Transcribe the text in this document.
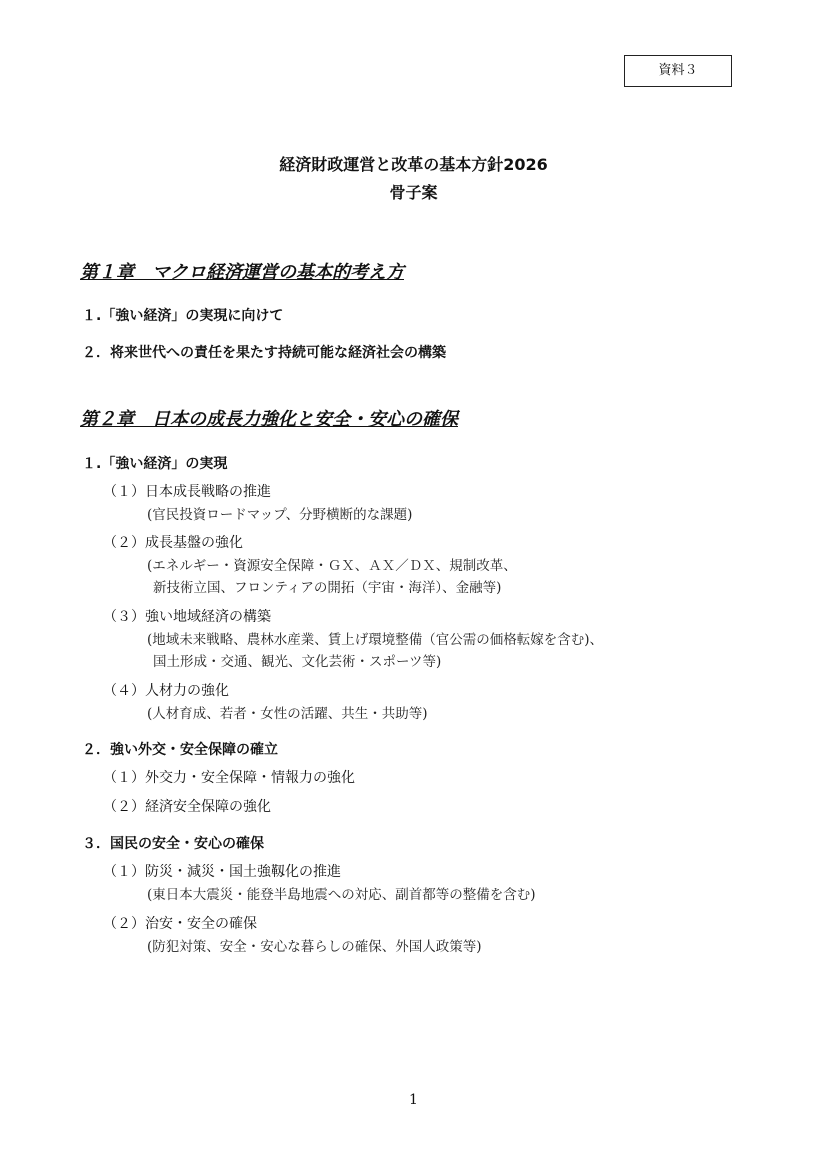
資料３
経済財政運営と改革の基本方針2026
骨子案
第１章　マクロ経済運営の基本的考え方
１.「強い経済」の実現に向けて
２．将来世代への責任を果たす持続可能な経済社会の構築
第２章　日本の成長力強化と安全・安心の確保
１.「強い経済」の実現
（１）日本成長戦略の推進
(官民投資ロードマップ、分野横断的な課題)
（２）成長基盤の強化
(エネルギー・資源安全保障・ＧＸ、ＡＸ／ＤＸ、規制改革、
新技術立国、フロンティアの開拓（宇宙・海洋）、金融等)
（３）強い地域経済の構築
(地域未来戦略、農林水産業、賃上げ環境整備（官公需の価格転嫁を含む)、
国土形成・交通、観光、文化芸術・スポーツ等)
（４）人材力の強化
(人材育成、若者・女性の活躍、共生・共助等)
２．強い外交・安全保障の確立
（１）外交力・安全保障・情報力の強化
（２）経済安全保障の強化
３．国民の安全・安心の確保
（１）防災・減災・国土強靱化の推進
(東日本大震災・能登半島地震への対応、副首都等の整備を含む)
（２）治安・安全の確保
(防犯対策、安全・安心な暮らしの確保、外国人政策等)
1
